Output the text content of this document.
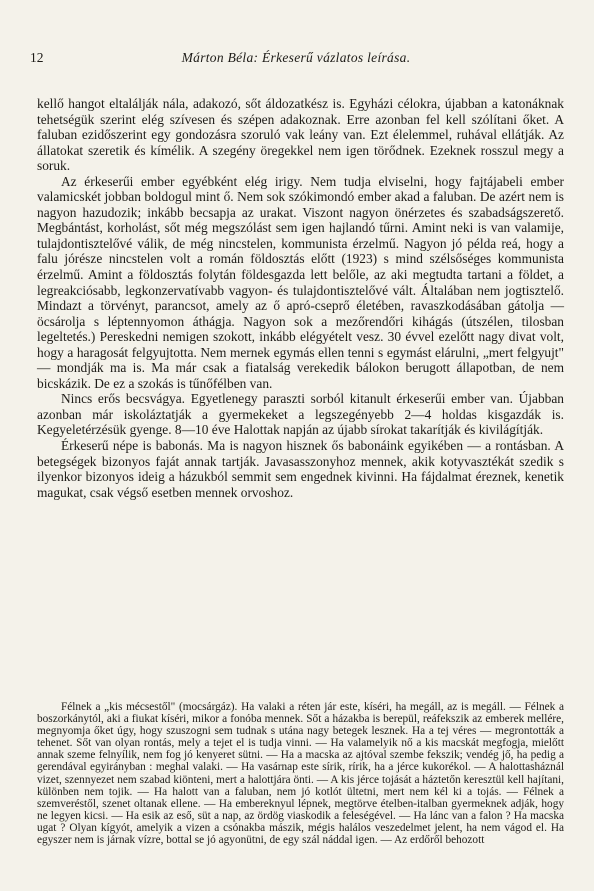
12	Márton Béla: Érkeserű vázlatos leírása.

kellő hangot eltalálják nála, adakozó, sőt áldozatkész is. Egyházi célokra, újabban a katonáknak tehetségük szerint elég szívesen és szépen adakoznak. Erre azonban fel kell szólítani őket. A faluban ezidőszerint egy gondozásra szoruló vak leány van. Ezt élelemmel, ruhával ellátják. Az állatokat szeretik és kímélik. A szegény öregekkel nem igen törődnek. Ezeknek rosszul megy a soruk.

Az érkeserűi ember egyébként elég irigy. Nem tudja elviselni, hogy fajtájabeli ember valamicskét jobban boldogul mint ő. Nem sok szókimondó ember akad a faluban. De azért nem is nagyon hazudozik; inkább becsapja az urakat. Viszont nagyon önérzetes és szabadságszerető. Megbántást, korholást, sőt még megszólást sem igen hajlandó tűrni. Amint neki is van valamije, tulajdontisztelővé válik, de még nincstelen, kommunista érzelmű. Nagyon jó példa reá, hogy a falu jórésze nincstelen volt a román földosztás előtt (1923) s mind szélsőséges kommunista érzelmű. Amint a földosztás folytán földesgazda lett belőle, az aki megtudta tartani a földet, a legreakciósabb, legkonzervatívabb vagyon- és tulajdontisztelővé vált. Általában nem jogtisztelő. Mindazt a törvényt, parancsot, amely az ő apró-cseprő életében, ravaszkodásában gátolja — öcsárolja s léptennyomon áthágja. Nagyon sok a mezőrendőri kihágás (útszélen, tilosban legeltetés.) Pereskedni nemigen szokott, inkább elégyételt vesz. 30 évvel ezelőtt nagy divat volt, hogy a haragosát felgyujtotta. Nem mernek egymás ellen tenni s egymást elárulni, „mert felgyujt" — mondják ma is. Ma már csak a fiatalság verekedik bálokon berugott állapotban, de nem bicskázik. De ez a szokás is tűnőfélben van.

Nincs erős becsvágya. Egyetlenegy paraszti sorból kitanult érkeserűi ember van. Újabban azonban már iskoláztatják a gyermekeket a legszegényebb 2—4 holdas kisgazdák is. Kegyeletérzésük gyenge. 8—10 éve Halottak napján az újabb sírokat takarítják és kivilágítják.

Érkeserű népe is babonás. Ma is nagyon hisznek ős babonáink egyikében — a rontásban. A betegségek bizonyos faját annak tartják. Javasasszonyhoz mennek, akik kotyvasztékát szedik s ilyenkor bizonyos ideig a házukból semmit sem engednek kivinni. Ha fájdalmat éreznek, kenetik magukat, csak végső esetben mennek orvoshoz.

Félnek a „kis mécsestől" (mocsárgáz). Ha valaki a réten jár este, kíséri, ha megáll, az is megáll. — Félnek a boszorkánytól, aki a fiukat kíséri, mikor a fonóba mennek. Sőt a házakba is berepül, reáfekszik az emberek mellére, megnyomja őket úgy, hogy szuszogni sem tudnak s utána nagy betegek lesznek. Ha a tej véres — megrontották a tehenet. Sőt van olyan rontás, mely a tejet el is tudja vinni. — Ha valamelyik nő a kis macskát megfogja, mielőtt annak szeme felnyílik, nem fog jó kenyeret sütni. — Ha a macska az ajtóval szembe fekszik; vendég jő, ha pedig a gerendával egyirányban : meghal valaki. — Ha vasárnap este sírik, rírik, ha a jérce kukorékol. — A halottasháznál vizet, szennyezet nem szabad kiönteni, mert a halottjára önti. — A kis jérce tojását a háztetőn keresztül kell hajítani, különben nem tojik. — Ha halott van a faluban, nem jó kotlót ültetni, mert nem kél ki a tojás. — Félnek a szemveréstől, szenet oltanak ellene. — Ha embereknyul lépnek, megtörve ételben-italban gyermeknek adják, hogy ne legyen kicsi. — Ha esik az eső, süt a nap, az ördög viaskodik a feleségével. — Ha lánc van a falon ? Ha macska ugat ? Olyan kígyót, amelyik a vizen a csónakba mászik, mégis halálos veszedelmet jelent, ha nem vágod el. Ha egyszer nem is járnak vízre, bottal se jó agyonütni, de egy szál náddal igen. — Az erdőről behozott
